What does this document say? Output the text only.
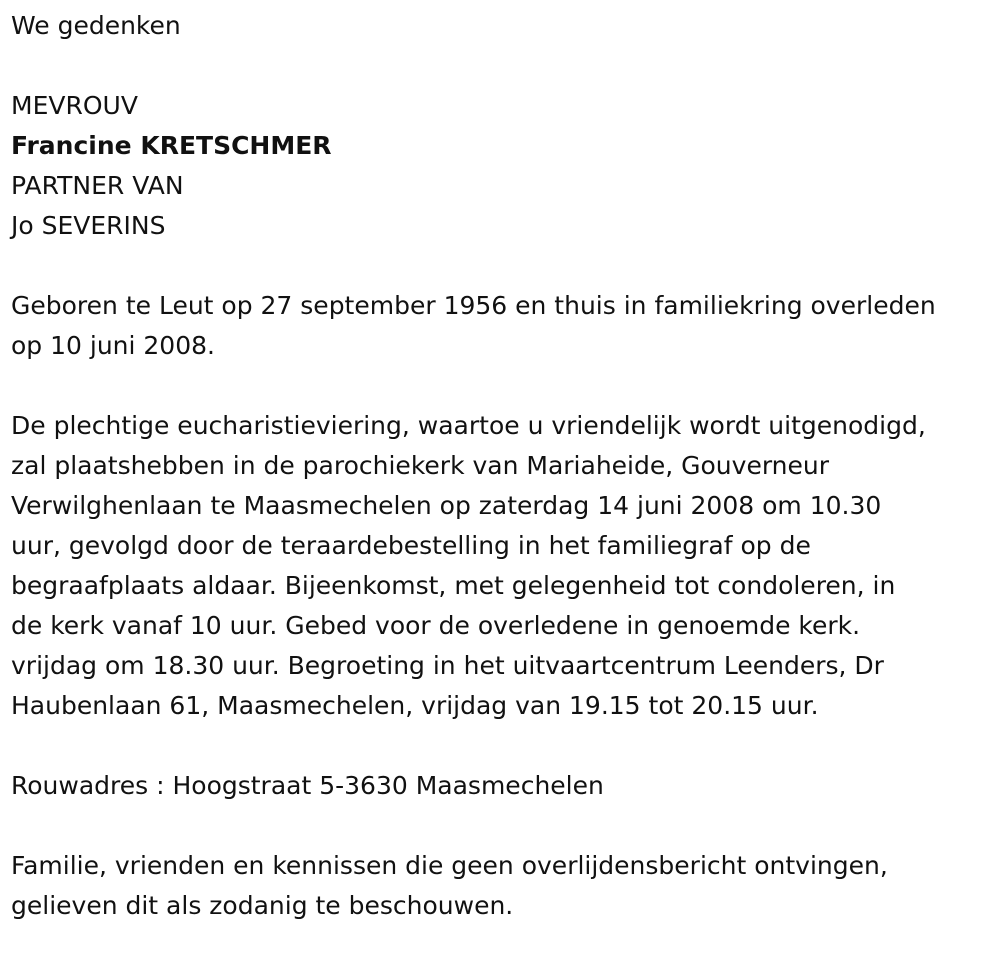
We gedenken

MEVROUV

Francine KRETSCHMER

PARTNER VAN

Jo SEVERINS

Geboren te Leut op 27 september 1956 en thuis in familiekring overleden

op 10 juni 2008.

De plechtige eucharistieviering, waartoe u vriendelijk wordt uitgenodigd,

zal plaatshebben in de parochiekerk van Mariaheide, Gouverneur

Verwilghenlaan te Maasmechelen op zaterdag 14 juni 2008 om 10.30

uur, gevolgd door de teraardebestelling in het familiegraf op de

begraafplaats aldaar. Bijeenkomst, met gelegenheid tot condoleren, in

de kerk vanaf 10 uur. Gebed voor de overledene in genoemde kerk.

vrijdag om 18.30 uur. Begroeting in het uitvaartcentrum Leenders, Dr

Haubenlaan 61, Maasmechelen, vrijdag van 19.15 tot 20.15 uur.

Rouwadres : Hoogstraat 5-3630 Maasmechelen

Familie, vrienden en kennissen die geen overlijdensbericht ontvingen,

gelieven dit als zodanig te beschouwen.
